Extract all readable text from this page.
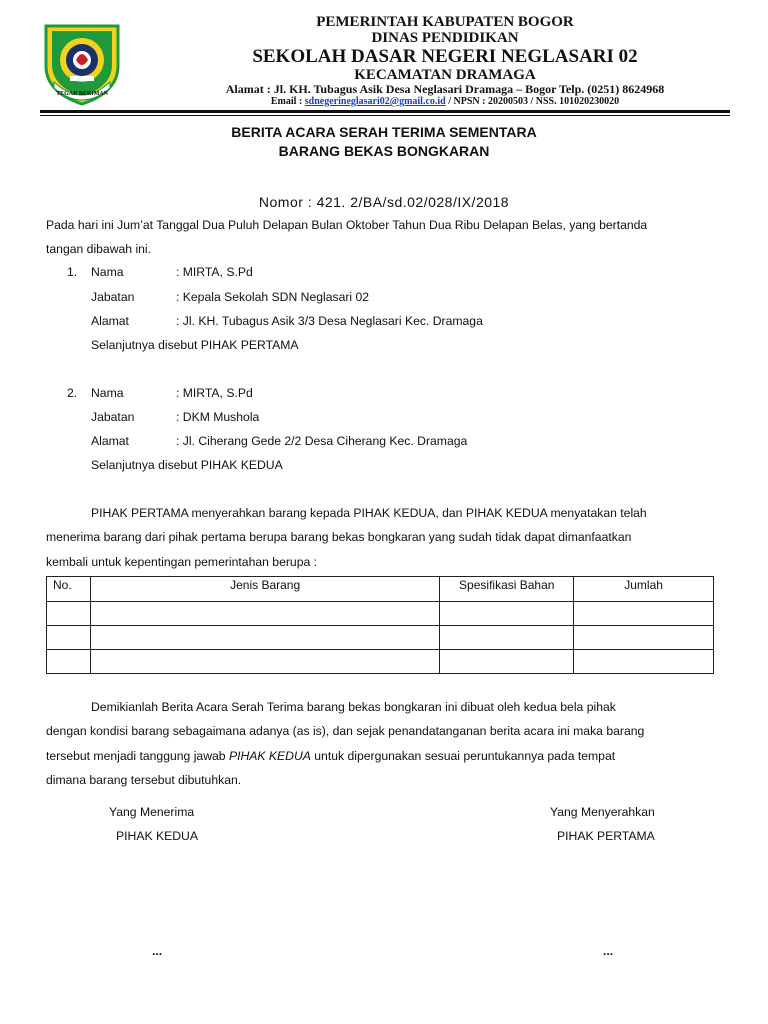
TEGAR BERIMAN

PEMERINTAH KABUPATEN BOGOR

DINAS PENDIDIKAN

SEKOLAH DASAR NEGERI NEGLASARI 02

KECAMATAN DRAMAGA

Alamat : Jl. KH. Tubagus Asik Desa Neglasari Dramaga – Bogor Telp. (0251) 8624968

Email : sdnegerineglasari02@gmail.co.id / NPSN : 20200503 / NSS. 101020230020

BERITA ACARA SERAH TERIMA SEMENTARA

BARANG BEKAS BONGKARAN

Nomor : 421. 2/BA/sd.02/028/IX/2018

Pada hari ini Jum’at Tanggal Dua Puluh Delapan Bulan Oktober Tahun Dua Ribu Delapan Belas, yang bertanda

tangan dibawah ini.

1. Nama	: MIRTA, S.Pd

Jabatan	: Kepala Sekolah SDN Neglasari 02

Alamat	: Jl. KH. Tubagus Asik 3/3 Desa Neglasari Kec. Dramaga

Selanjutnya disebut PIHAK PERTAMA

2. Nama	: MIRTA, S.Pd

Jabatan	: DKM Mushola

Alamat	: Jl. Ciherang Gede 2/2 Desa Ciherang Kec. Dramaga

Selanjutnya disebut PIHAK KEDUA

PIHAK PERTAMA menyerahkan barang kepada PIHAK KEDUA, dan PIHAK KEDUA menyatakan telah

menerima barang dari pihak pertama berupa barang bekas bongkaran yang sudah tidak dapat dimanfaatkan

kembali untuk kepentingan pemerintahan berupa :

No.	Jenis Barang	Spesifikasi Bahan	Jumlah

Demikianlah Berita Acara Serah Terima barang bekas bongkaran ini dibuat oleh kedua bela pihak

dengan kondisi barang sebagaimana adanya (as is), dan sejak penandatanganan berita acara ini maka barang

tersebut menjadi tanggung jawab PIHAK KEDUA untuk dipergunakan sesuai peruntukannya pada tempat

dimana barang tersebut dibutuhkan.

Yang Menerima

PIHAK KEDUA

...

Yang Menyerahkan

PIHAK PERTAMA

...
